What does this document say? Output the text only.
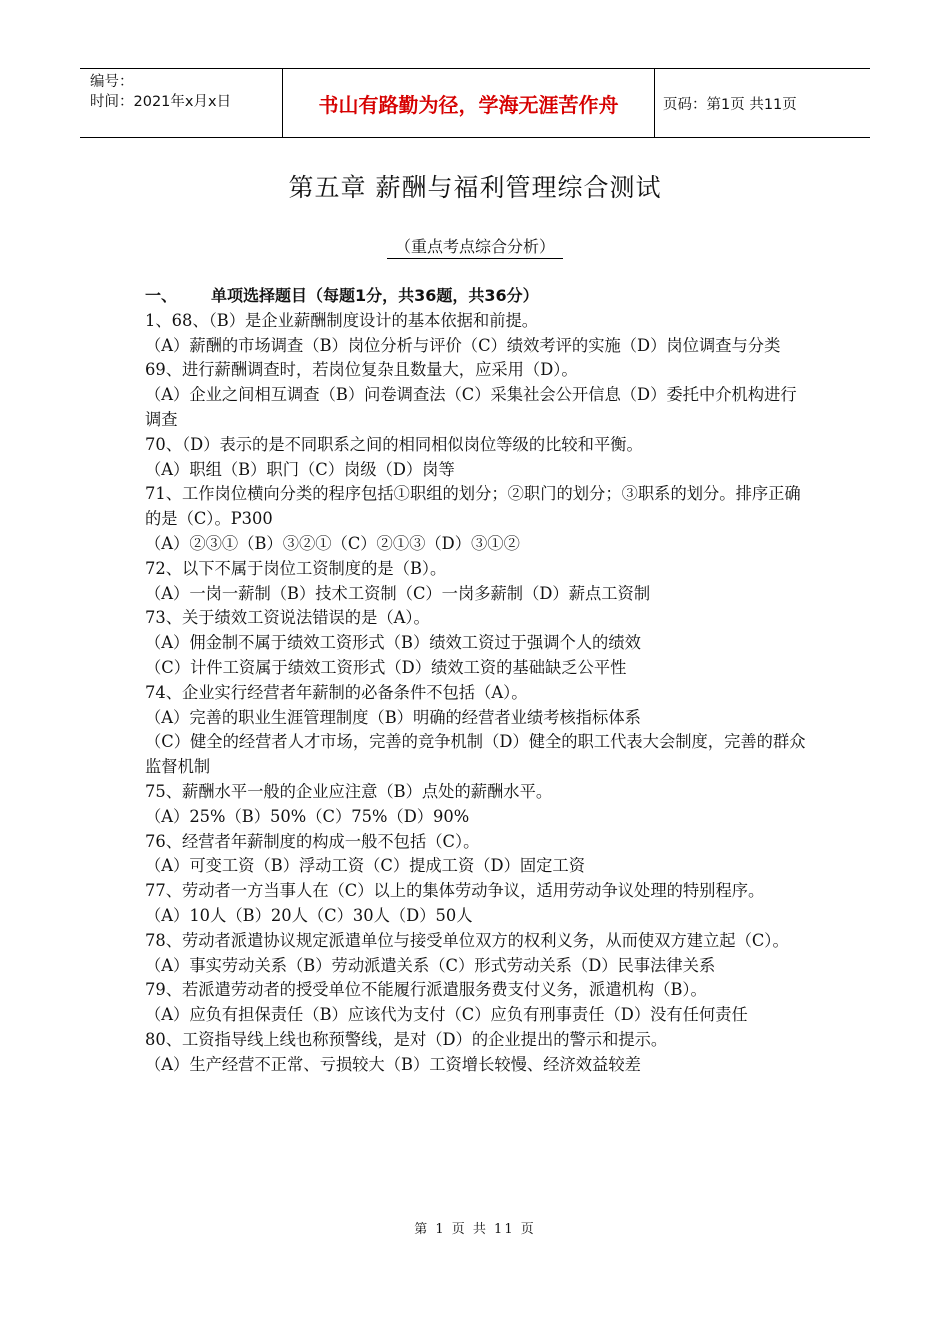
编号：
时间：2021年x月x日	书山有路勤为径，学海无涯苦作舟	页码：第1页 共11页
第五章 薪酬与福利管理综合测试
（重点考点综合分析）
一、 单项选择题目（每题1分，共36题，共36分）
1、68、（B）是企业薪酬制度设计的基本依据和前提。
（A）薪酬的市场调查（B）岗位分析与评价（C）绩效考评的实施（D）岗位调查与分类
69、进行薪酬调查时，若岗位复杂且数量大，应采用（D）。
（A）企业之间相互调查（B）问卷调查法（C）采集社会公开信息（D）委托中介机构进行调查
70、（D）表示的是不同职系之间的相同相似岗位等级的比较和平衡。
（A）职组（B）职门（C）岗级（D）岗等
71、工作岗位横向分类的程序包括①职组的划分；②职门的划分；③职系的划分。排序正确的是（C）。P300
（A）②③①（B）③②①（C）②①③（D）③①②
72、以下不属于岗位工资制度的是（B）。
（A）一岗一薪制（B）技术工资制（C）一岗多薪制（D）薪点工资制
73、关于绩效工资说法错误的是（A）。
（A）佣金制不属于绩效工资形式（B）绩效工资过于强调个人的绩效
（C）计件工资属于绩效工资形式（D）绩效工资的基础缺乏公平性
74、企业实行经营者年薪制的必备条件不包括（A）。
（A）完善的职业生涯管理制度（B）明确的经营者业绩考核指标体系
（C）健全的经营者人才市场，完善的竞争机制（D）健全的职工代表大会制度，完善的群众监督机制
75、薪酬水平一般的企业应注意（B）点处的薪酬水平。
（A）25%（B）50%（C）75%（D）90%
76、经营者年薪制度的构成一般不包括（C）。
（A）可变工资（B）浮动工资（C）提成工资（D）固定工资
77、劳动者一方当事人在（C）以上的集体劳动争议，适用劳动争议处理的特别程序。
（A）10人（B）20人（C）30人（D）50人
78、劳动者派遣协议规定派遣单位与接受单位双方的权利义务，从而使双方建立起（C）。
（A）事实劳动关系（B）劳动派遣关系（C）形式劳动关系（D）民事法律关系
79、若派遣劳动者的授受单位不能履行派遣服务费支付义务，派遣机构（B）。
（A）应负有担保责任（B）应该代为支付（C）应负有刑事责任（D）没有任何责任
80、工资指导线上线也称预警线，是对（D）的企业提出的警示和提示。
（A）生产经营不正常、亏损较大（B）工资增长较慢、经济效益较差
第 1 页 共 11 页
